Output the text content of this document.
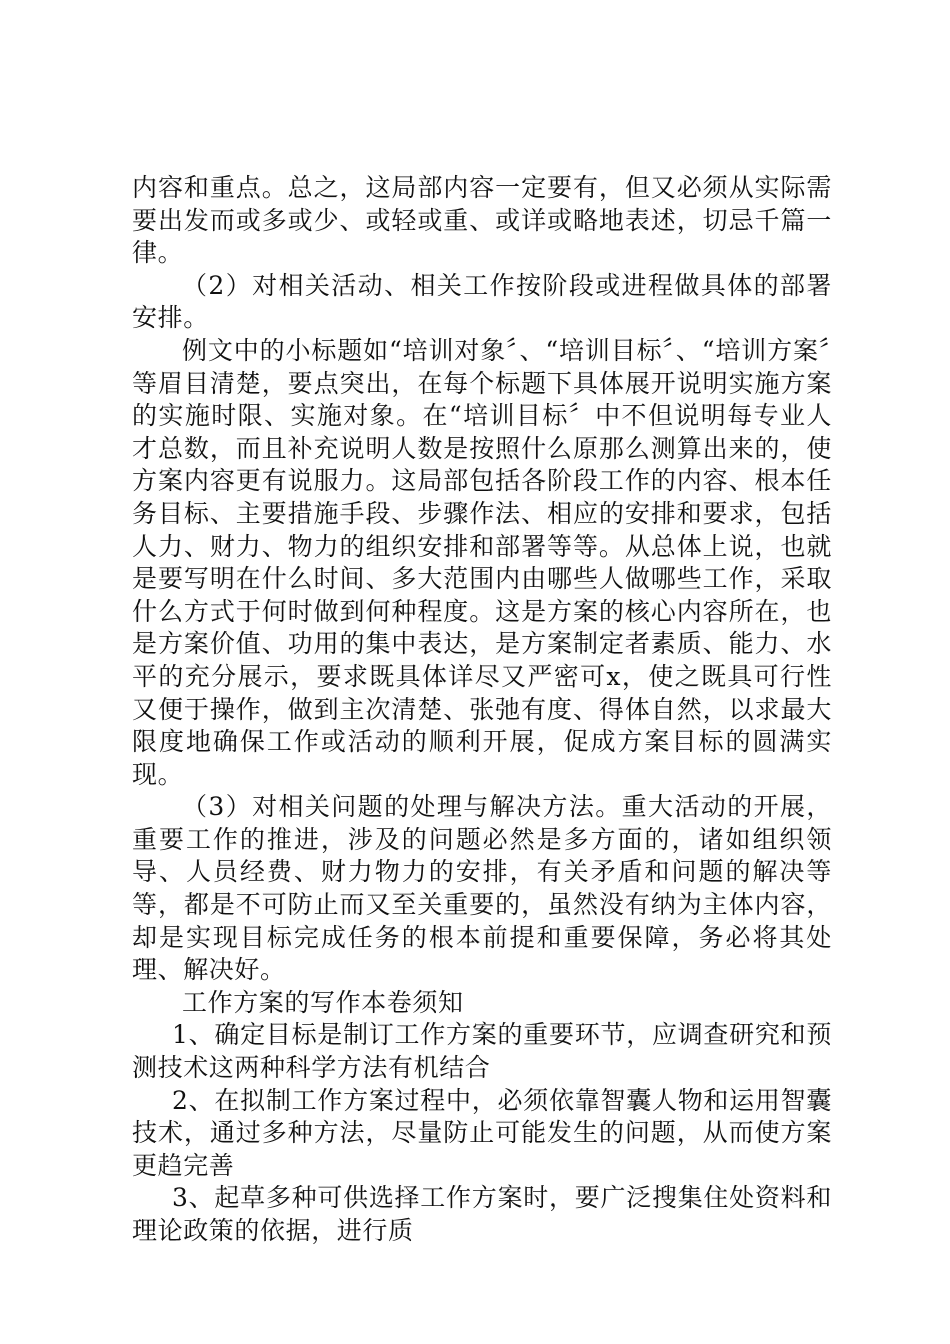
内容和重点。总之，这局部内容一定要有，但又必须从实际需要出发而或多或少、或轻或重、或详或略地表述，切忌千篇一律。

（2）对相关活动、相关工作按阶段或进程做具体的部署安排。

例文中的小标题如“培训对象〞、“培训目标〞、“培训方案〞等眉目清楚，要点突出，在每个标题下具体展开说明实施方案的实施时限、实施对象。在“培训目标〞中不但说明每专业人才总数，而且补充说明人数是按照什么原那么测算出来的，使方案内容更有说服力。这局部包括各阶段工作的内容、根本任务目标、主要措施手段、步骤作法、相应的安排和要求，包括人力、财力、物力的组织安排和部署等等。从总体上说，也就是要写明在什么时间、多大范围内由哪些人做哪些工作，采取什么方式于何时做到何种程度。这是方案的核心内容所在，也是方案价值、功用的集中表达，是方案制定者素质、能力、水平的充分展示，要求既具体详尽又严密可x，使之既具可行性又便于操作，做到主次清楚、张弛有度、得体自然，以求最大限度地确保工作或活动的顺利开展，促成方案目标的圆满实现。

（3）对相关问题的处理与解决方法。重大活动的开展，重要工作的推进，涉及的问题必然是多方面的，诸如组织领导、人员经费、财力物力的安排，有关矛盾和问题的解决等等，都是不可防止而又至关重要的，虽然没有纳为主体内容，却是实现目标完成任务的根本前提和重要保障，务必将其处理、解决好。

工作方案的写作本卷须知

1、确定目标是制订工作方案的重要环节，应调查研究和预测技术这两种科学方法有机结合

2、在拟制工作方案过程中，必须依靠智囊人物和运用智囊技术，通过多种方法，尽量防止可能发生的问题，从而使方案更趋完善

3、起草多种可供选择工作方案时，要广泛搜集住处资料和理论政策的依据，进行质
